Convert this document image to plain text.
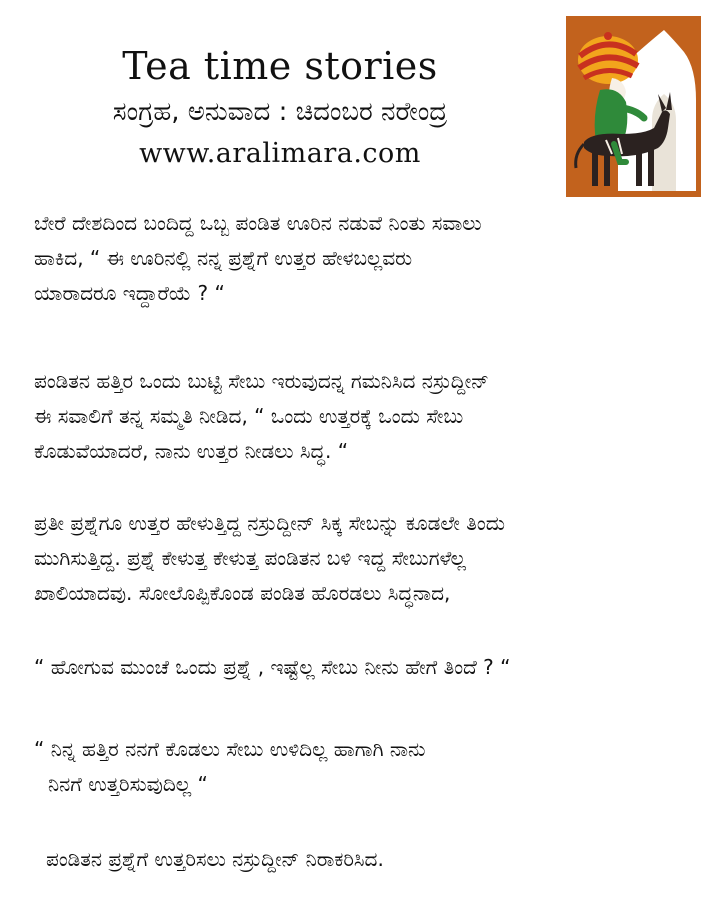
Tea time stories
ಸಂಗ್ರಹ, ಅನುವಾದ : ಚಿದಂಬರ ನರೇಂದ್ರ
www.aralimara.com

ಬೇರೆ ದೇಶದಿಂದ ಬಂದಿದ್ದ ಒಬ್ಬ ಪಂಡಿತ ಊರಿನ ನಡುವೆ ನಿಂತು ಸವಾಲು
ಹಾಕಿದ, “ ಈ ಊರಿನಲ್ಲಿ ನನ್ನ ಪ್ರಶ್ನೆಗೆ ಉತ್ತರ ಹೇಳಬಲ್ಲವರು
ಯಾರಾದರೂ ಇದ್ದಾರೆಯೆ ? “

ಪಂಡಿತನ ಹತ್ತಿರ ಒಂದು ಬುಟ್ಟಿ ಸೇಬು ಇರುವುದನ್ನ ಗಮನಿಸಿದ ನಸ್ರುದ್ದೀನ್
ಈ ಸವಾಲಿಗೆ ತನ್ನ ಸಮ್ಮತಿ ನೀಡಿದ, “ ಒಂದು ಉತ್ತರಕ್ಕೆ ಒಂದು ಸೇಬು
ಕೊಡುವೆಯಾದರೆ, ನಾನು ಉತ್ತರ ನೀಡಲು ಸಿದ್ಧ. “

ಪ್ರತೀ ಪ್ರಶ್ನೆಗೂ ಉತ್ತರ ಹೇಳುತ್ತಿದ್ದ ನಸ್ರುದ್ದೀನ್ ಸಿಕ್ಕ ಸೇಬನ್ನು ಕೂಡಲೇ ತಿಂದು
ಮುಗಿಸುತ್ತಿದ್ದ. ಪ್ರಶ್ನೆ ಕೇಳುತ್ತ ಕೇಳುತ್ತ ಪಂಡಿತನ ಬಳಿ ಇದ್ದ ಸೇಬುಗಳೆಲ್ಲ
ಖಾಲಿಯಾದವು. ಸೋಲೊಪ್ಪಿಕೊಂಡ ಪಂಡಿತ ಹೊರಡಲು ಸಿದ್ಧನಾದ,

“ ಹೋಗುವ ಮುಂಚೆ ಒಂದು ಪ್ರಶ್ನೆ , ಇಷ್ಟೆಲ್ಲ ಸೇಬು ನೀನು ಹೇಗೆ ತಿಂದೆ ? “

“ ನಿನ್ನ ಹತ್ತಿರ ನನಗೆ ಕೊಡಲು ಸೇಬು ಉಳಿದಿಲ್ಲ ಹಾಗಾಗಿ ನಾನು
ನಿನಗೆ ಉತ್ತರಿಸುವುದಿಲ್ಲ “

ಪಂಡಿತನ ಪ್ರಶ್ನೆಗೆ ಉತ್ತರಿಸಲು ನಸ್ರುದ್ದೀನ್ ನಿರಾಕರಿಸಿದ.
